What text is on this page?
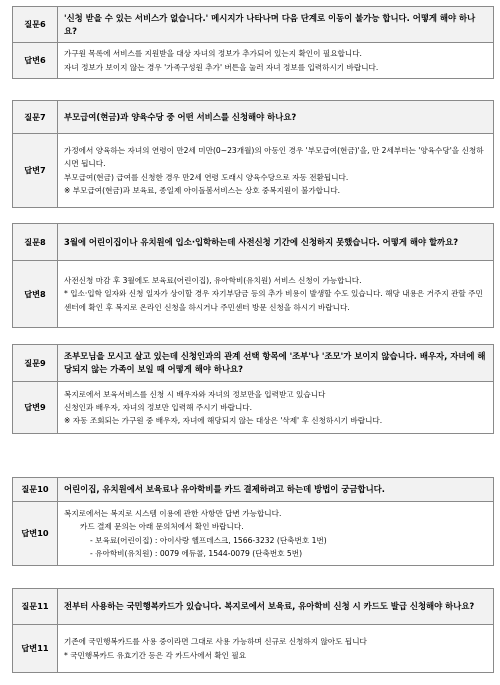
질문6	'신청 받을 수 있는 서비스가 없습니다.' 메시지가 나타나며 다음 단계로 이동이 불가능 합니다. 어떻게 해야 하나요?

답변6	가구원 목록에 서비스를 지원받을 대상 자녀의 정보가 추가되어 있는지 확인이 필요합니다.
자녀 정보가 보이지 않는 경우 '가족구성원 추가' 버튼을 눌러 자녀 정보를 입력하시기 바랍니다.
질문7	부모급여(현금)과 양육수당 중 어떤 서비스를 신청해야 하나요?

답변7	가정에서 양육하는 자녀의 연령이 만2세 미만(0~23개월)의 아동인 경우 '부모급여(현금)'을, 만 2세부터는 '양육수당'을 신청하시면 됩니다.
부모급여(현금) 급여를 신청한 경우 만2세 연령 도래시 양육수당으로 자동 전환됩니다.
※ 부모급여(현금)과 보육료, 종일제 아이돌봄서비스는 상호 중복지원이 불가합니다.
질문8	3월에 어린이집이나 유치원에 입소·입학하는데 사전신청 기간에 신청하지 못했습니다. 어떻게 해야 할까요?

답변8	사전신청 마감 후 3월에도 보육료(어린이집), 유아학비(유치원) 서비스 신청이 가능합니다.
* 입소·입학 일자와 신청 일자가 상이할 경우 자기부담금 등의 추가 비용이 발생할 수도 있습니다. 해당 내용은 거주지 관할 주민센터에 확인 후 복지로 온라인 신청을 하시거나 주민센터 방문 신청을 하시기 바랍니다.
질문9	조부모님을 모시고 살고 있는데 신청인과의 관계 선택 항목에 '조부'나 '조모'가 보이지 않습니다. 배우자, 자녀에 해당되지 않는 가족이 보일 때 어떻게 해야 하나요?

답변9	복지로에서 보육서비스를 신청 시 배우자와 자녀의 정보만을 입력받고 있습니다
신청인과 배우자, 자녀의 정보만 입력해 주시기 바랍니다.
※ 자동 조회되는 가구원 중 배우자, 자녀에 해당되지 않는 대상은 '삭제' 후 신청하시기 바랍니다.
질문10	어린이집, 유치원에서 보육료나 유아학비를 카드 결제하려고 하는데 방법이 궁금합니다.

답변10	복지로에서는 복지로 시스템 이용에 관한 사항만 답변 가능합니다.
카드 결제 문의는 아래 문의처에서 확인 바랍니다.
- 보육료(어린이집) : 아이사랑 헬프데스크, 1566-3232 (단축번호 1번)
- 유아학비(유치원) : 0079 에듀콜, 1544-0079 (단축번호 5번)
질문11	전부터 사용하는 국민행복카드가 있습니다. 복지로에서 보육료, 유아학비 신청 시 카드도 발급 신청해야 하나요?

답변11	기존에 국민행복카드를 사용 중이라면 그대로 사용 가능하며 신규로 신청하지 않아도 됩니다
* 국민행복카드 유효기간 등은 각 카드사에서 확인 필요
